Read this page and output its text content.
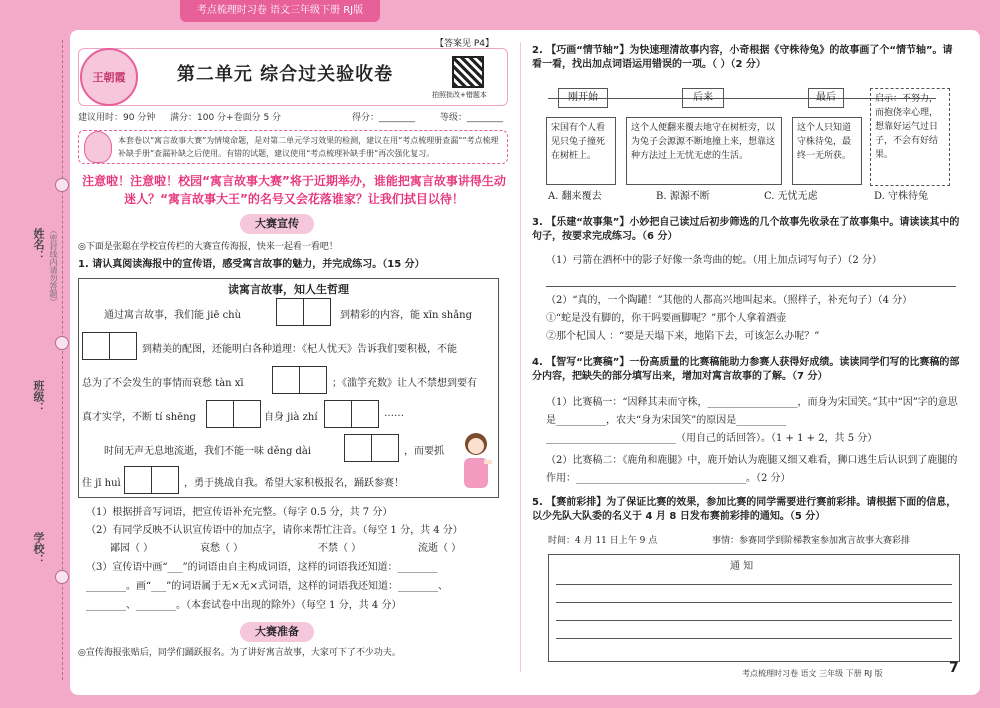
考点梳理时习卷 语文三年级下册 RJ版
姓名：
班级：
学校：
（密封线内请勿答题）
王朝霞	第二单元 综合过关验收卷
【答案见 P4】
拍照批改+错题本
建议用时：90 分钟 满分：100 分+卷面分 5 分	得分：________	等级：________
本套卷以“寓言故事大赛”为情境命题，是对第二单元学习效果的检测，建议在用“考点梳理册查漏”“考点梳理补缺手册”查漏补缺之后使用。有错的试题，建议使用“考点梳理补缺手册”再次强化复习。
注意啦！注意啦！校园“寓言故事大赛”将于近期举办，谁能把寓言故事讲得生动迷人？“寓言故事大王”的名号又会花落谁家？让我们拭目以待！
大赛宣传
◎下面是张聪在学校宣传栏的大赛宣传海报，快来一起看一看吧！
1. 请认真阅读海报中的宣传语，感受寓言故事的魅力，并完成练习。（15 分）
读寓言故事，知人生哲理
通过寓言故事，我们能 jiē chù	到精彩的内容，能 xīn shǎng
到精美的配图，还能明白各种道理：《杞人忧天》告诉我们要积极，不能
总为了不会发生的事情而衰愁 tàn xī	；《滥竽充数》让人不禁想到要有
真才实学，不断 tí shēng	自身 jià zhí	……
时间无声无息地流逝，我们不能一味 děng dài	，而要抓
住 jī huì	，勇于挑战自我。希望大家积极报名，踊跃参赛！
（1）根据拼音写词语，把宣传语补充完整。（每字 0.5 分，共 7 分）
（2）有同学反映不认识宣传语中的加点字，请你来帮忙注音。（每空 1 分，共 4 分）
鄙园（ ）	哀愁（ ）	不禁（ ）	流逝（ ）
（3）宣传语中画“___”的词语由自主构成词语，这样的词语我还知道：________
________。画“___”的词语属于无×无×式词语，这样的词语我还知道：________、
________、________。（本套试卷中出现的除外）（每空 1 分，共 4 分）
大赛准备
◎宣传海报张贴后，同学们踊跃报名。为了讲好寓言故事，大家可下了不少功夫。
2. 【巧画“情节轴”】为快速理清故事内容，小奇根据《守株待兔》的故事画了个“情节轴”。请看一看，找出加点词语运用错误的一项。（ ）（2 分）
刚开始	后来	最后
宋国有个人看见只兔子撞死在树桩上。
这个人便翻来覆去地守在树桩旁，以为兔子会源源不断地撞上来，想靠这种方法过上无忧无虑的生活。
这个人只知道守株待兔，最终一无所获。
启示：不努力，而抱侥幸心理，想靠好运气过日子，不会有好结果。
A. 翻来覆去	B. 源源不断	C. 无忧无虑	D. 守株待兔
3. 【乐建“故事集”】小妙把自己读过后初步筛选的几个故事先收录在了故事集中。请读读其中的句子，按要求完成练习。（6 分）
（1）弓箭在酒杯中的影子好像一条弯曲的蛇。（用上加点词写句子）（2 分）
（2）“真的，一个陶罐！”其他的人都高兴地叫起来。（照样子，补充句子）（4 分）
①“蛇是没有脚的，你干吗要画脚呢？”那个人拿着酒壶
②那个杞国人 ：“要是天塌下来，地陷下去，可该怎么办呢？”
4. 【智写“比赛稿”】一份高质量的比赛稿能助力参赛人获得好成绩。读读同学们写的比赛稿的部分内容，把缺失的部分填写出来，增加对寓言故事的了解。（7 分）
（1）比赛稿一：“因释其耒而守株，__________________，而身为宋国笑。”其中“因”字的意思是__________，农夫“身为宋国笑”的原因是__________
__________________________（用自己的话回答）。（1 + 1 + 2，共 5 分）
（2）比赛稿二：《鹿角和鹿腿》中，鹿开始认为鹿腿又细又难看，狮口逃生后认识到了鹿腿的作用：__________________________________。（2 分）
5. 【赛前彩排】为了保证比赛的效果，参加比赛的同学需要进行赛前彩排。请根据下面的信息，以少先队大队委的名义于 4 月 8 日发布赛前彩排的通知。（5 分）
时间：4 月 11 日上午 9 点	事情：参赛同学到阶梯教室参加寓言故事大赛彩排
通 知
考点梳理时习卷 语文 三年级 下册 RJ 版	7
